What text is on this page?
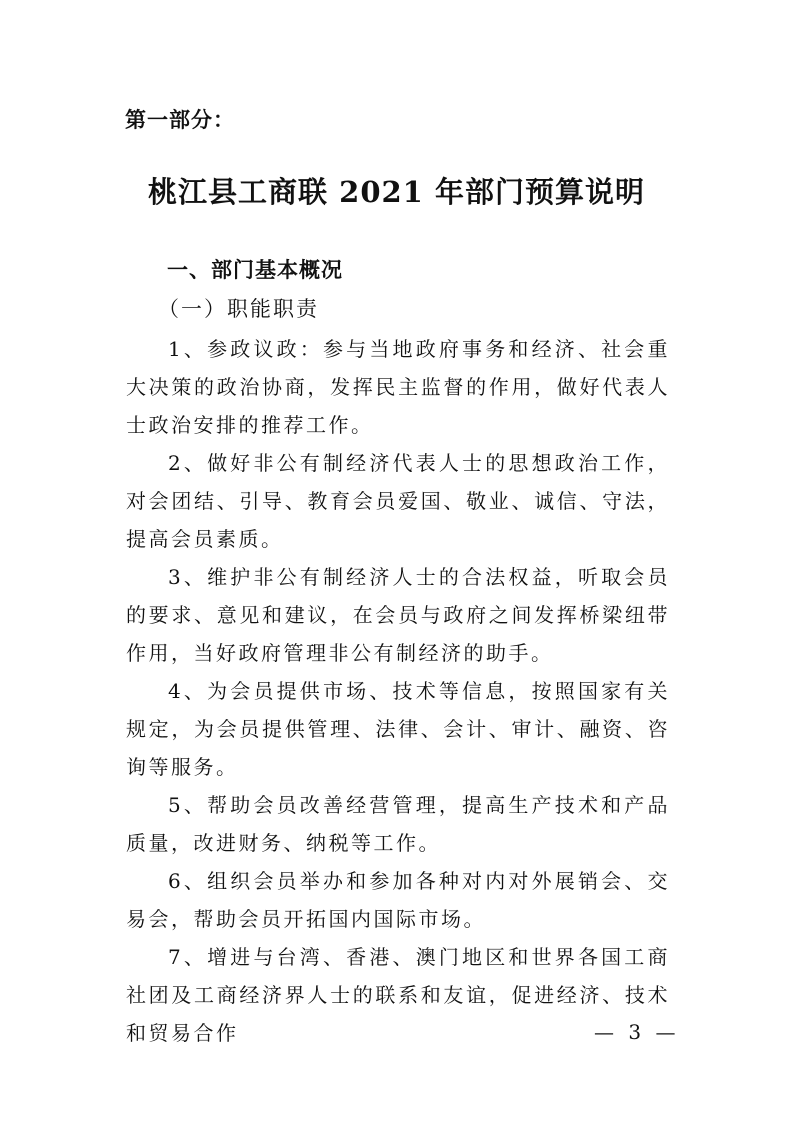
第一部分：
桃江县工商联 2021 年部门预算说明
一、部门基本概况
（一）职能职责

1、参政议政：参与当地政府事务和经济、社会重大决策的政治协商，发挥民主监督的作用，做好代表人士政治安排的推荐工作。

2、做好非公有制经济代表人士的思想政治工作，对会团结、引导、教育会员爱国、敬业、诚信、守法，提高会员素质。

3、维护非公有制经济人士的合法权益，听取会员的要求、意见和建议，在会员与政府之间发挥桥梁纽带作用，当好政府管理非公有制经济的助手。

4、为会员提供市场、技术等信息，按照国家有关规定，为会员提供管理、法律、会计、审计、融资、咨询等服务。

5、帮助会员改善经营管理，提高生产技术和产品质量，改进财务、纳税等工作。

6、组织会员举办和参加各种对内对外展销会、交易会，帮助会员开拓国内国际市场。

7、增进与台湾、香港、澳门地区和世界各国工商社团及工商经济界人士的联系和友谊，促进经济、技术和贸易合作	— 3 —
